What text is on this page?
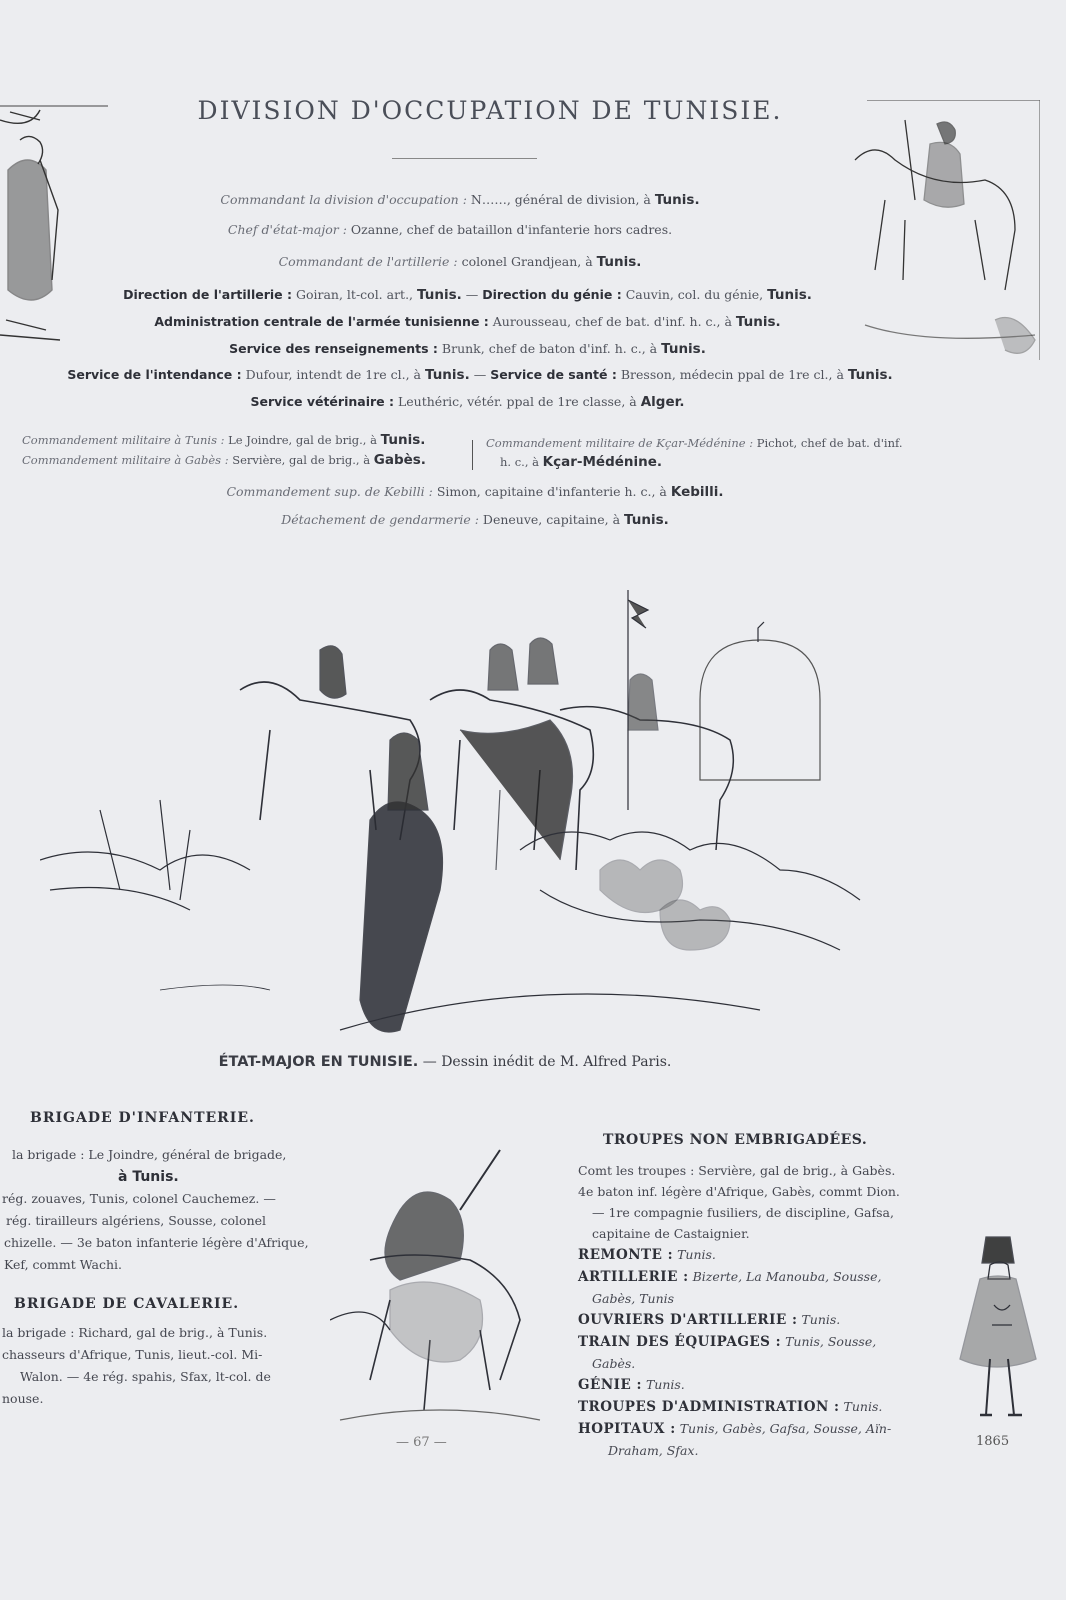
DIVISION D'OCCUPATION DE TUNISIE.
Commandant la division d'occupation : N……, général de division, à Tunis.
Chef d'état-major : Ozanne, chef de bataillon d'infanterie hors cadres.
Commandant de l'artillerie : colonel Grandjean, à Tunis.
Direction de l'artillerie : Goiran, lt-col. art., Tunis. — Direction du génie : Cauvin, col. du génie, Tunis.
Administration centrale de l'armée tunisienne : Aurousseau, chef de bat. d'inf. h. c., à Tunis.
Service des renseignements : Brunk, chef de baton d'inf. h. c., à Tunis.
Service de l'intendance : Dufour, intendt de 1re cl., à Tunis. — Service de santé : Bresson, médecin ppal de 1re cl., à Tunis.
Service vétérinaire : Leuthéric, vétér. ppal de 1re classe, à Alger.
Commandement militaire à Tunis : Le Joindre, gal de brig., à Tunis.
Commandement militaire à Gabès : Servière, gal de brig., à Gabès.
Commandement militaire de Kçar-Médénine : Pichot, chef de bat. d'inf.
h. c., à Kçar-Médénine.
Commandement sup. de Kebilli : Simon, capitaine d'infanterie h. c., à Kebilli.
Détachement de gendarmerie : Deneuve, capitaine, à Tunis.
ÉTAT-MAJOR EN TUNISIE. — Dessin inédit de M. Alfred Paris.
BRIGADE D'INFANTERIE.
la brigade : Le Joindre, général de brigade,
à Tunis.
rég. zouaves, Tunis, colonel Cauchemez. —
rég. tirailleurs algériens, Sousse, colonel
chizelle. — 3e baton infanterie légère d'Afrique,
Kef, commt Wachi.
BRIGADE DE CAVALERIE.
la brigade : Richard, gal de brig., à Tunis.
chasseurs d'Afrique, Tunis, lieut.-col. Mi-
Walon. — 4e rég. spahis, Sfax, lt-col. de
nouse.
TROUPES NON EMBRIGADÉES.
Comt les troupes : Servière, gal de brig., à Gabès.
4e baton inf. légère d'Afrique, Gabès, commt Dion.
— 1re compagnie fusiliers, de discipline, Gafsa,
capitaine de Castaignier.
REMONTE : Tunis.
ARTILLERIE : Bizerte, La Manouba, Sousse,
Gabès, Tunis
OUVRIERS D'ARTILLERIE : Tunis.
TRAIN DES ÉQUIPAGES : Tunis, Sousse,
Gabès.
GÉNIE : Tunis.
TROUPES D'ADMINISTRATION : Tunis.
HOPITAUX : Tunis, Gabès, Gafsa, Sousse, Aïn-
Draham, Sfax.
— 67 —	1865
